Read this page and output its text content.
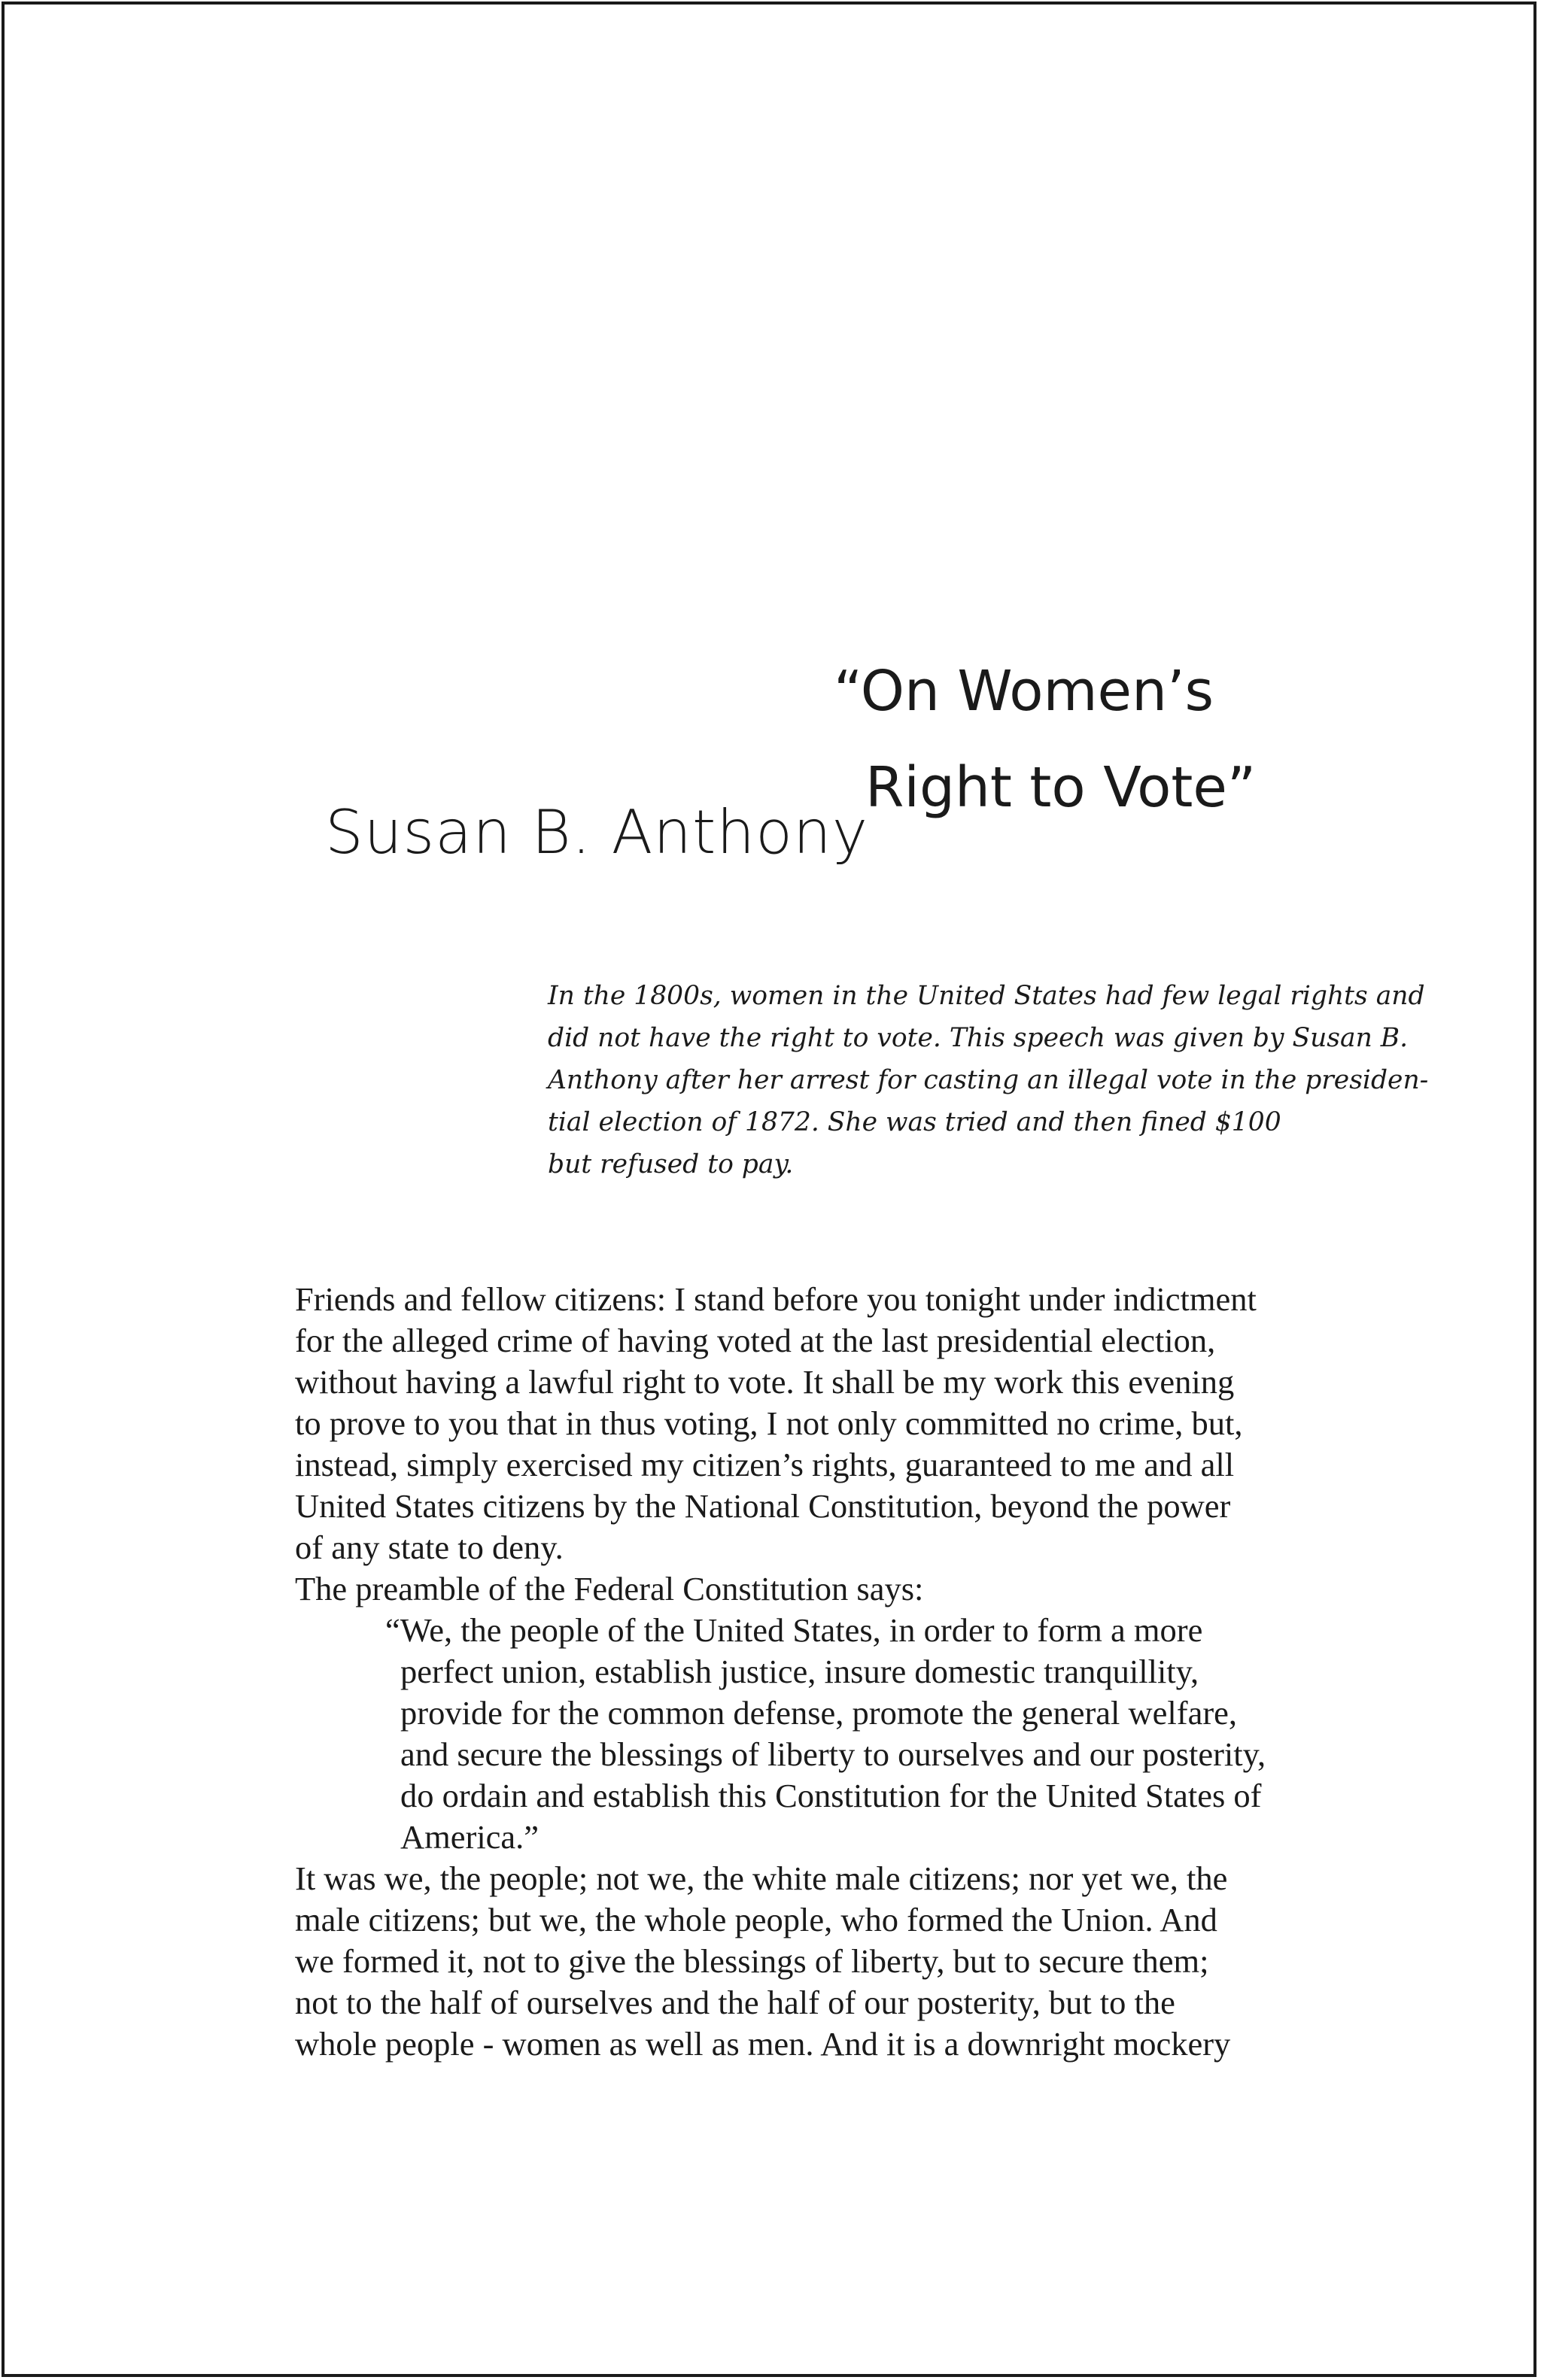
“On Women’s
Right to Vote”
Susan B. Anthony

In the 1800s, women in the United States had few legal rights and
did not have the right to vote. This speech was given by Susan B.
Anthony after her arrest for casting an illegal vote in the presiden-
tial election of 1872. She was tried and then fined $100
but refused to pay.

Friends and fellow citizens: I stand before you tonight under indictment
for the alleged crime of having voted at the last presidential election,
without having a lawful right to vote. It shall be my work this evening
to prove to you that in thus voting, I not only committed no crime, but,
instead, simply exercised my citizen’s rights, guaranteed to me and all
United States citizens by the National Constitution, beyond the power
of any state to deny.
The preamble of the Federal Constitution says:
“We, the people of the United States, in order to form a more
perfect union, establish justice, insure domestic tranquillity,
provide for the common defense, promote the general welfare,
and secure the blessings of liberty to ourselves and our posterity,
do ordain and establish this Constitution for the United States of
America.”
It was we, the people; not we, the white male citizens; nor yet we, the
male citizens; but we, the whole people, who formed the Union. And
we formed it, not to give the blessings of liberty, but to secure them;
not to the half of ourselves and the half of our posterity, but to the
whole people - women as well as men. And it is a downright mockery
